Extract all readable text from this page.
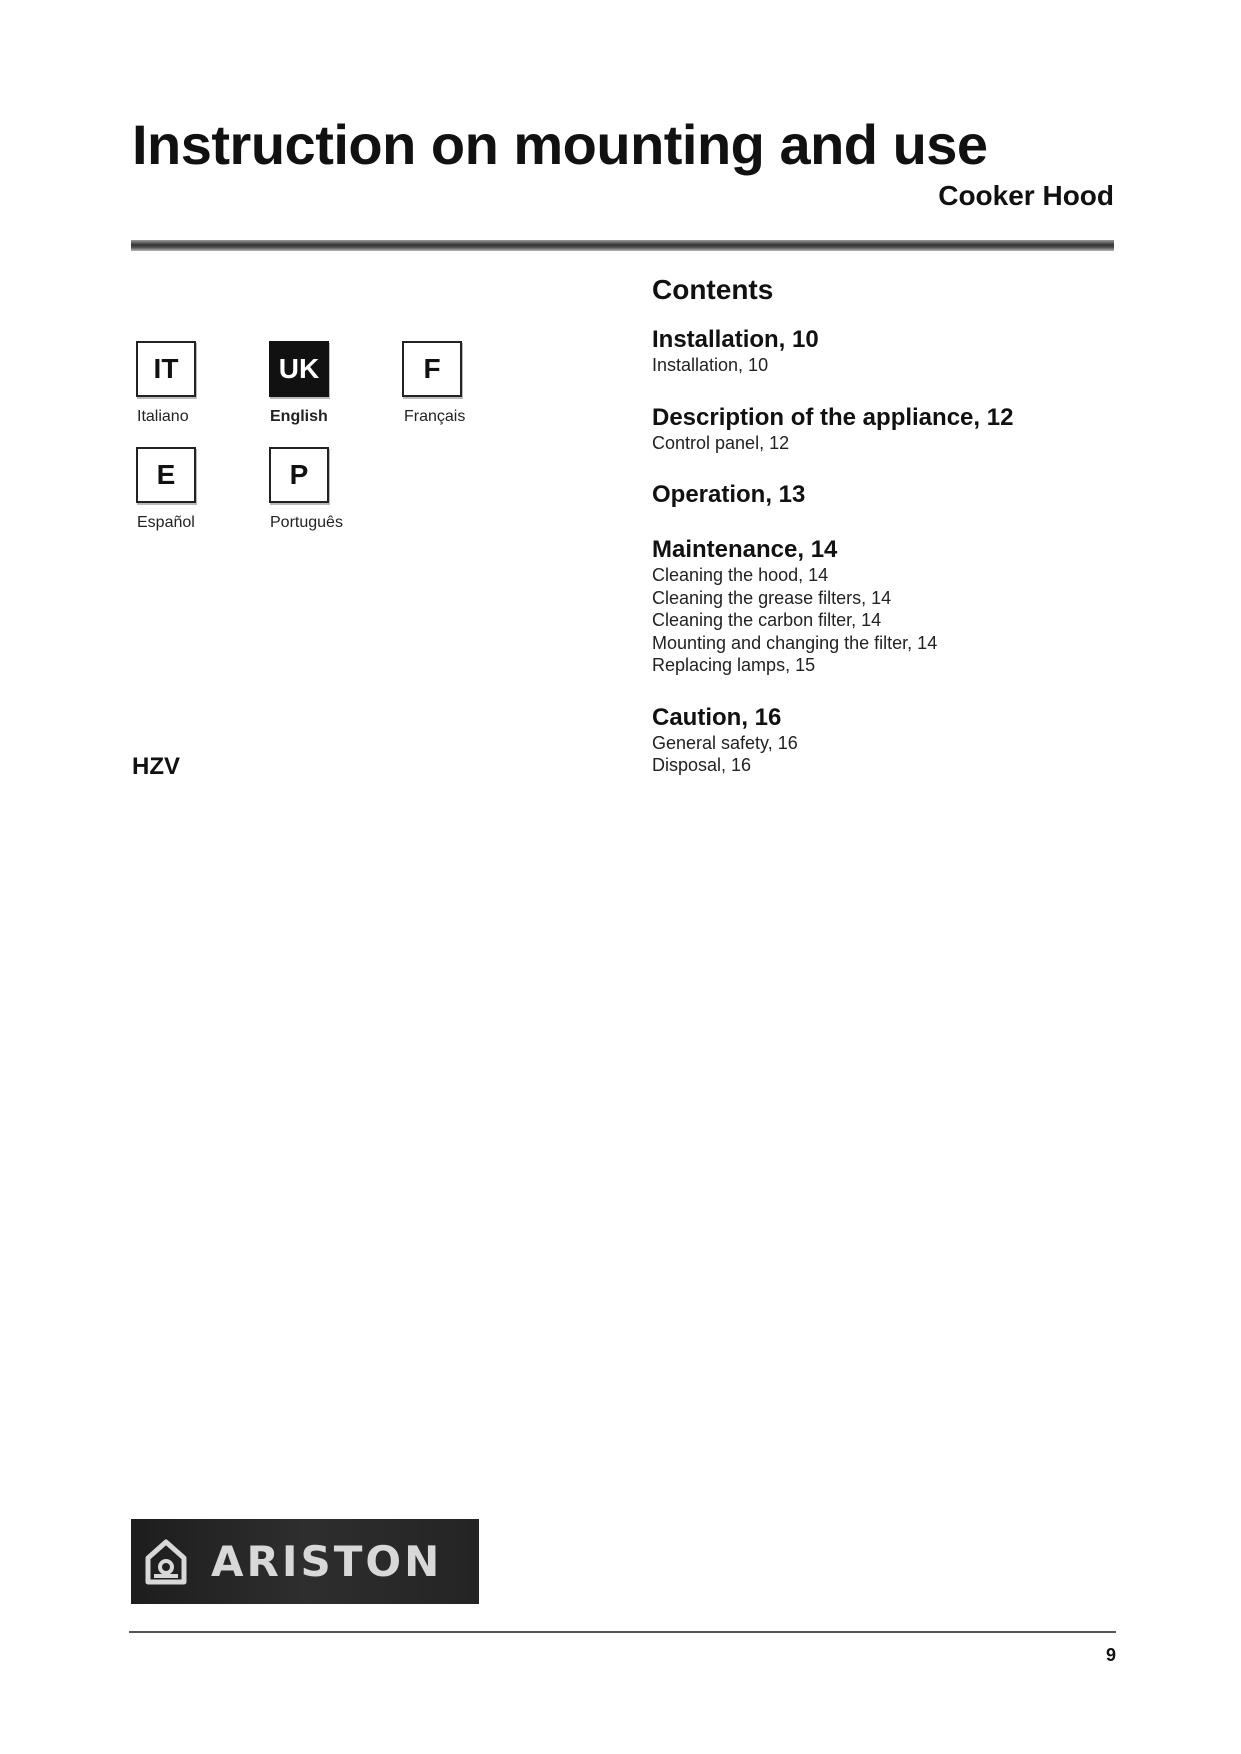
Instruction on mounting and use
Cooker Hood
IT
Italiano
UK
English
F
Français
E
Español
P
Português
HZV
Contents
Installation, 10
Installation, 10
Description of the appliance, 12
Control panel, 12
Operation, 13
Maintenance, 14
Cleaning the hood, 14
Cleaning the grease filters, 14
Cleaning the carbon filter, 14
Mounting and changing the filter, 14
Replacing lamps, 15
Caution, 16
General safety, 16
Disposal, 16
ARISTON
9
